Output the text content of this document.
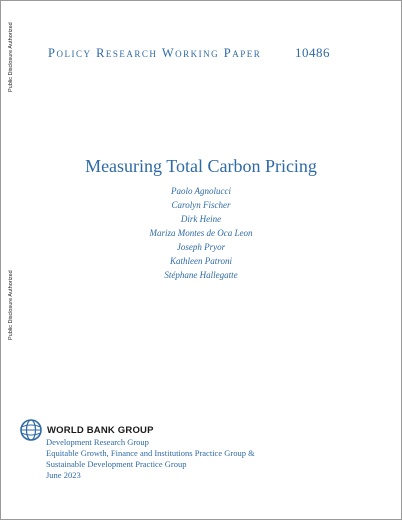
Public Disclosure Authorized
Public Disclosure Authorized
Policy Research Working Paper	10486
Measuring Total Carbon Pricing
Paolo Agnolucci
Carolyn Fischer
Dirk Heine
Mariza Montes de Oca Leon
Joseph Pryor
Kathleen Patroni
Stéphane Hallegatte
WORLD BANK GROUP
Development Research Group
Equitable Growth, Finance and Institutions Practice Group &
Sustainable Development Practice Group
June 2023
